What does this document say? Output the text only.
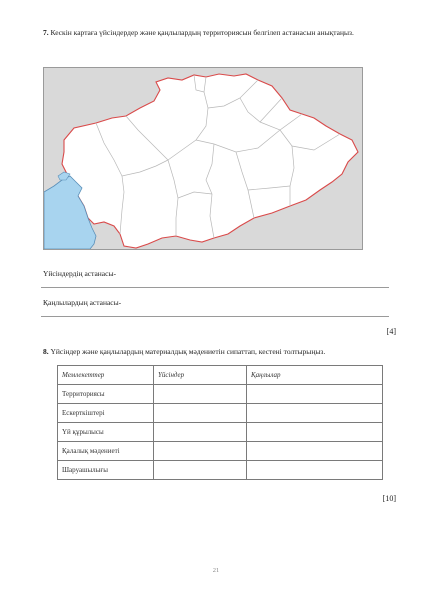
7. Кескін картаға үйсіндердер және қаңлылардың территориясын белгілеп астанасын анықтаңыз.
Үйсіндердің астанасы-
Қаңлылардың астанасы-
[4]
8. Үйсіндер және қаңлылардың материалдық мәдениетін сипаттап, кестені толтырыңыз.
Мемлекеттер	Үйсіндер	Қаңлылар
Территориясы		
Ескерткіштері		
Үй құрылысы		
Қалалық мәдениеті		
Шаруашылығы		
[10]
21
